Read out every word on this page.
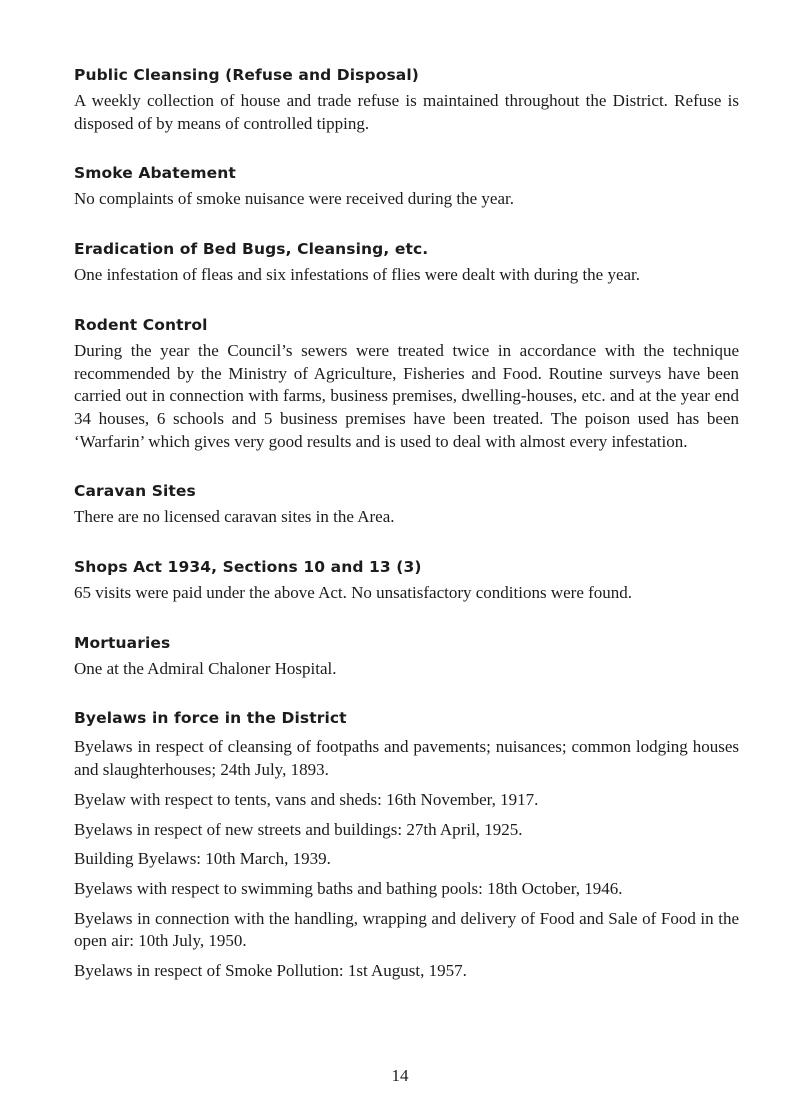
Public Cleansing (Refuse and Disposal)
A weekly collection of house and trade refuse is maintained throughout the District. Refuse is disposed of by means of controlled tipping.
Smoke Abatement
No complaints of smoke nuisance were received during the year.
Eradication of Bed Bugs, Cleansing, etc.
One infestation of fleas and six infestations of flies were dealt with during the year.
Rodent Control
During the year the Council’s sewers were treated twice in accordance with the technique recommended by the Ministry of Agriculture, Fisheries and Food. Routine surveys have been carried out in connection with farms, business premises, dwelling-houses, etc. and at the year end 34 houses, 6 schools and 5 business premises have been treated. The poison used has been ‘Warfarin’ which gives very good results and is used to deal with almost every infestation.
Caravan Sites
There are no licensed caravan sites in the Area.
Shops Act 1934, Sections 10 and 13 (3)
65 visits were paid under the above Act. No unsatisfactory conditions were found.
Mortuaries
One at the Admiral Chaloner Hospital.
Byelaws in force in the District
Byelaws in respect of cleansing of footpaths and pavements; nuisances; common lodging houses and slaughterhouses; 24th July, 1893.
Byelaw with respect to tents, vans and sheds: 16th November, 1917.
Byelaws in respect of new streets and buildings: 27th April, 1925.
Building Byelaws: 10th March, 1939.
Byelaws with respect to swimming baths and bathing pools: 18th October, 1946.
Byelaws in connection with the handling, wrapping and delivery of Food and Sale of Food in the open air: 10th July, 1950.
Byelaws in respect of Smoke Pollution: 1st August, 1957.
14
